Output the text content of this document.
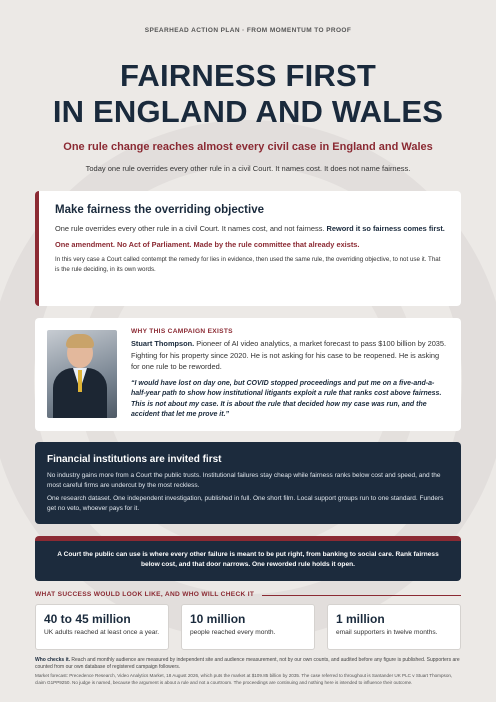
SPEARHEAD ACTION PLAN · FROM MOMENTUM TO PROOF
FAIRNESS FIRST
IN ENGLAND AND WALES
One rule change reaches almost every civil case in England and Wales
Today one rule overrides every other rule in a civil Court. It names cost. It does not name fairness.
Make fairness the overriding objective

One rule overrides every other rule in a civil Court. It names cost, and not fairness. Reword it so fairness comes first.

One amendment. No Act of Parliament. Made by the rule committee that already exists.

In this very case a Court called contempt the remedy for lies in evidence, then used the same rule, the overriding objective, to not use it. That is the rule deciding, in its own words.

WHY THIS CAMPAIGN EXISTS

Stuart Thompson. Pioneer of AI video analytics, a market forecast to pass $100 billion by 2035. Fighting for his property since 2020. He is not asking for his case to be reopened. He is asking for one rule to be reworded.

“I would have lost on day one, but COVID stopped proceedings and put me on a five-and-a-half-year path to show how institutional litigants exploit a rule that ranks cost above fairness. This is not about my case. It is about the rule that decided how my case was run, and the accident that let me prove it.”

Financial institutions are invited first

No industry gains more from a Court the public trusts. Institutional failures stay cheap while fairness ranks below cost and speed, and the most careful firms are undercut by the most reckless.

One research dataset. One independent investigation, published in full. One short film. Local support groups run to one standard. Funders get no veto, whoever pays for it.

A Court the public can use is where every other failure is meant to be put right, from banking to social care. Rank fairness below cost, and that door narrows. One reworded rule holds it open.
WHAT SUCCESS WOULD LOOK LIKE, AND WHO WILL CHECK IT
40 to 45 million
UK adults reached at least once a year.
10 million
people reached every month.
1 million
email supporters in twelve months.

Who checks it. Reach and monthly audience are measured by independent site and audience measurement, not by our own counts, and audited before any figure is published. Supporters are counted from our own database of registered campaign followers.

Market forecast: Precedence Research, Video Analytics Market, 18 August 2026, which puts the market at $109.85 billion by 2035. The case referred to throughout is Santander UK PLC v Stuart Thompson, claim G1PP9250. No judge is named, because the argument is about a rule and not a courtroom. The proceedings are continuing and nothing here is intended to influence their outcome.
